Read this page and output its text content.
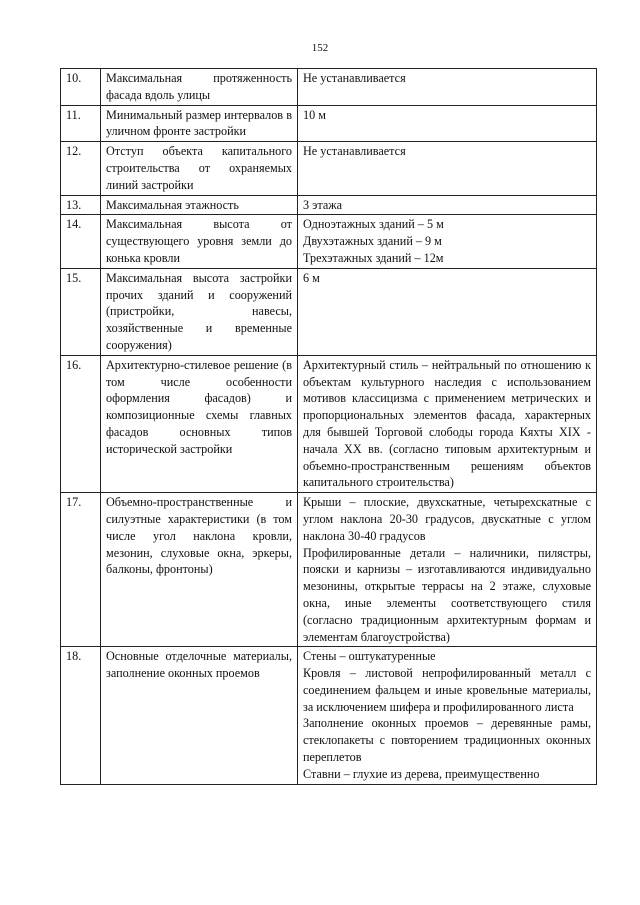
152
10.	Максимальная протяженность фасада вдоль улицы	Не устанавливается

11.	Минимальный размер интервалов в уличном фронте застройки	10 м

12.	Отступ объекта капитального строительства от охраняемых линий застройки	Не устанавливается

13.	Максимальная этажность	3 этажа

14.	Максимальная высота от существующего уровня земли до конька кровли	Одноэтажных зданий – 5 м
Двухэтажных зданий – 9 м
Трехэтажных зданий – 12м

15.	Максимальная высота застройки прочих зданий и сооружений (пристройки, навесы, хозяйственные и временные сооружения)	6 м

16.	Архитектурно-стилевое решение (в том числе особенности оформления фасадов) и композиционные схемы главных фасадов основных типов исторической застройки	Архитектурный стиль – нейтральный по отношению к объектам культурного наследия с использованием мотивов классицизма с применением метрических и пропорциональных элементов фасада, характерных для бывшей Торговой слободы города Кяхты XIX - начала XX вв. (согласно типовым архитектурным и объемно-пространственным решениям объектов капитального строительства)

17.	Объемно-пространственные и силуэтные характеристики (в том числе угол наклона кровли, мезонин, слуховые окна, эркеры, балконы, фронтоны)	Крыши – плоские, двухскатные, четырехскатные с углом наклона 20-30 градусов, двускатные с углом наклона 30-40 градусов
Профилированные детали – наличники, пилястры, пояски и карнизы – изготавливаются индивидуально мезонины, открытые террасы на 2 этаже, слуховые окна, иные элементы соответствующего стиля (согласно традиционным архитектурным формам и элементам благоустройства)

18.	Основные отделочные материалы, заполнение оконных проемов	Стены – оштукатуренные
Кровля – листовой непрофилированный металл с соединением фальцем и иные кровельные материалы, за исключением шифера и профилированного листа
Заполнение оконных проемов – деревянные рамы, стеклопакеты с повторением традиционных оконных переплетов
Ставни – глухие из дерева, преимущественно
